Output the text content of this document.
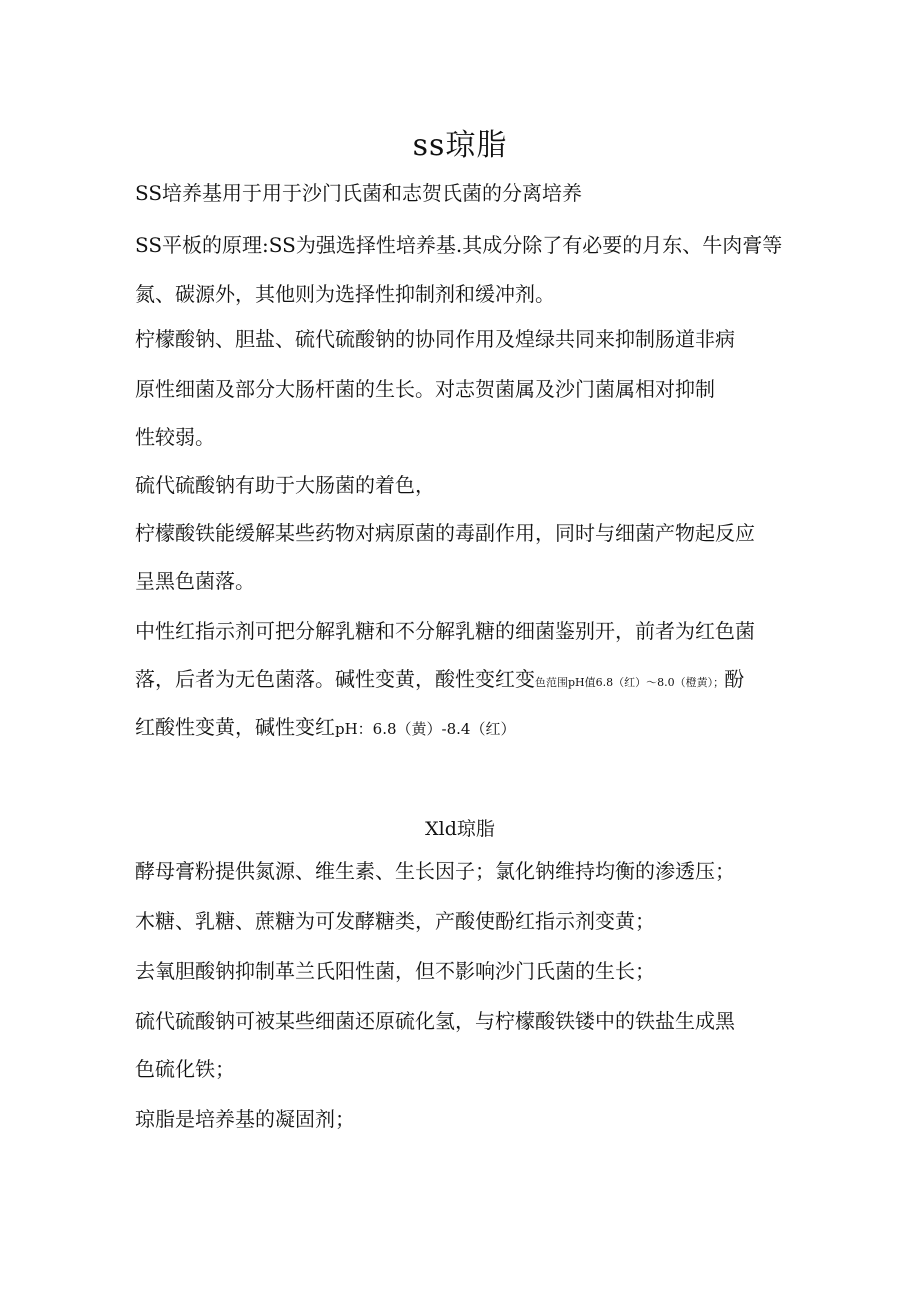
ss琼脂

SS培养基用于用于沙门氏菌和志贺氏菌的分离培养

SS平板的原理:SS为强选择性培养基.其成分除了有必要的月东、牛肉膏等

氮、碳源外，其他则为选择性抑制剂和缓冲剂。

柠檬酸钠、胆盐、硫代硫酸钠的协同作用及煌绿共同来抑制肠道非病

原性细菌及部分大肠杆菌的生长。对志贺菌属及沙门菌属相对抑制

性较弱。

硫代硫酸钠有助于大肠菌的着色，

柠檬酸铁能缓解某些药物对病原菌的毒副作用，同时与细菌产物起反应

呈黑色菌落。

中性红指示剂可把分解乳糖和不分解乳糖的细菌鉴别开，前者为红色菌

落，后者为无色菌落。碱性变黄，酸性变红变色范围pH值6.8（红）～8.0（橙黄）；酚

红酸性变黄，碱性变红pH：6.8（黄）-8.4（红）

Xld琼脂

酵母膏粉提供氮源、维生素、生长因子；氯化钠维持均衡的渗透压；

木糖、乳糖、蔗糖为可发酵糖类，产酸使酚红指示剂变黄；

去氧胆酸钠抑制革兰氏阳性菌，但不影响沙门氏菌的生长；

硫代硫酸钠可被某些细菌还原硫化氢，与柠檬酸铁镂中的铁盐生成黑

色硫化铁；

琼脂是培养基的凝固剂；
